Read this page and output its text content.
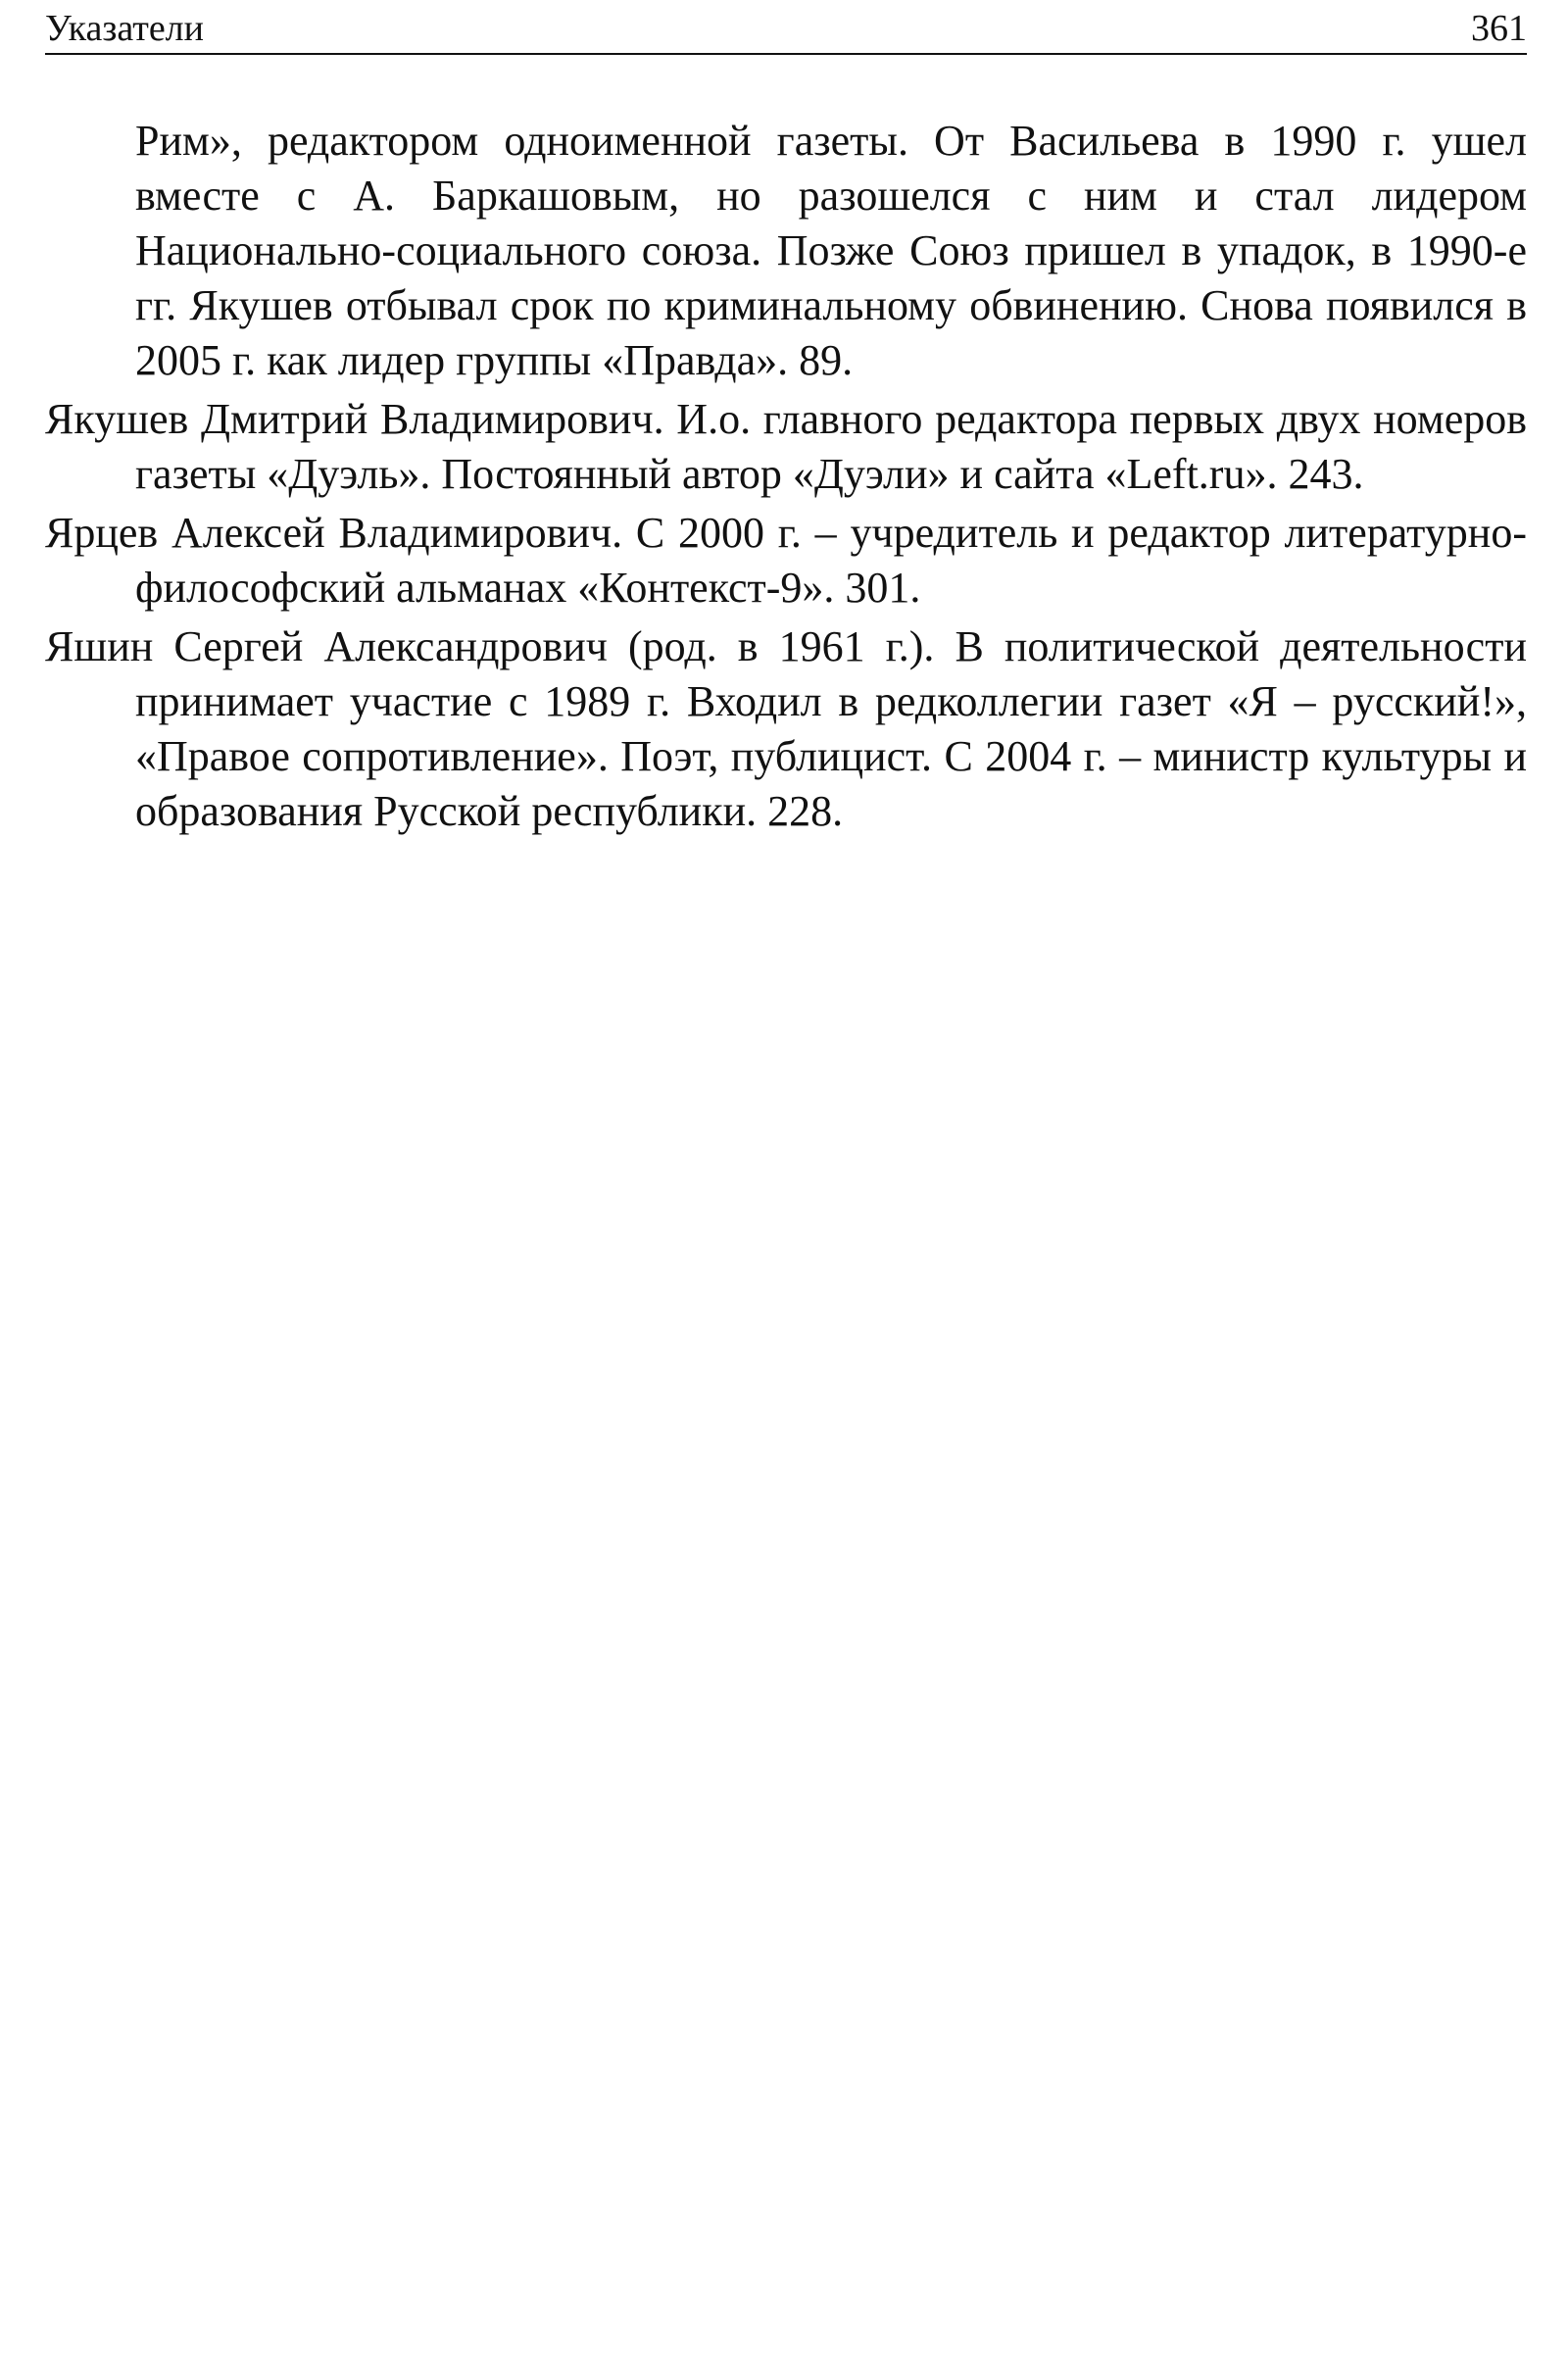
Указатели	361

Рим», редактором одноименной газеты. От Васильева в 1990 г. ушел вместе с А. Баркашовым, но разошелся с ним и стал лидером Национально-социального союза. Позже Союз пришел в упадок, в 1990-е гг. Якушев отбывал срок по криминальному обвинению. Снова появился в 2005 г. как лидер группы «Правда». 89.

Якушев Дмитрий Владимирович. И.о. главного редактора первых двух номеров газеты «Дуэль». Постоянный автор «Дуэли» и сайта «Left.ru». 243.

Ярцев Алексей Владимирович. С 2000 г. – учредитель и редактор литературно-философский альманах «Контекст-9». 301.

Яшин Сергей Александрович (род. в 1961 г.). В политической деятельности принимает участие с 1989 г. Входил в редколлегии газет «Я – русский!», «Правое сопротивление». Поэт, публицист. С 2004 г. – министр культуры и образования Русской республики. 228.
